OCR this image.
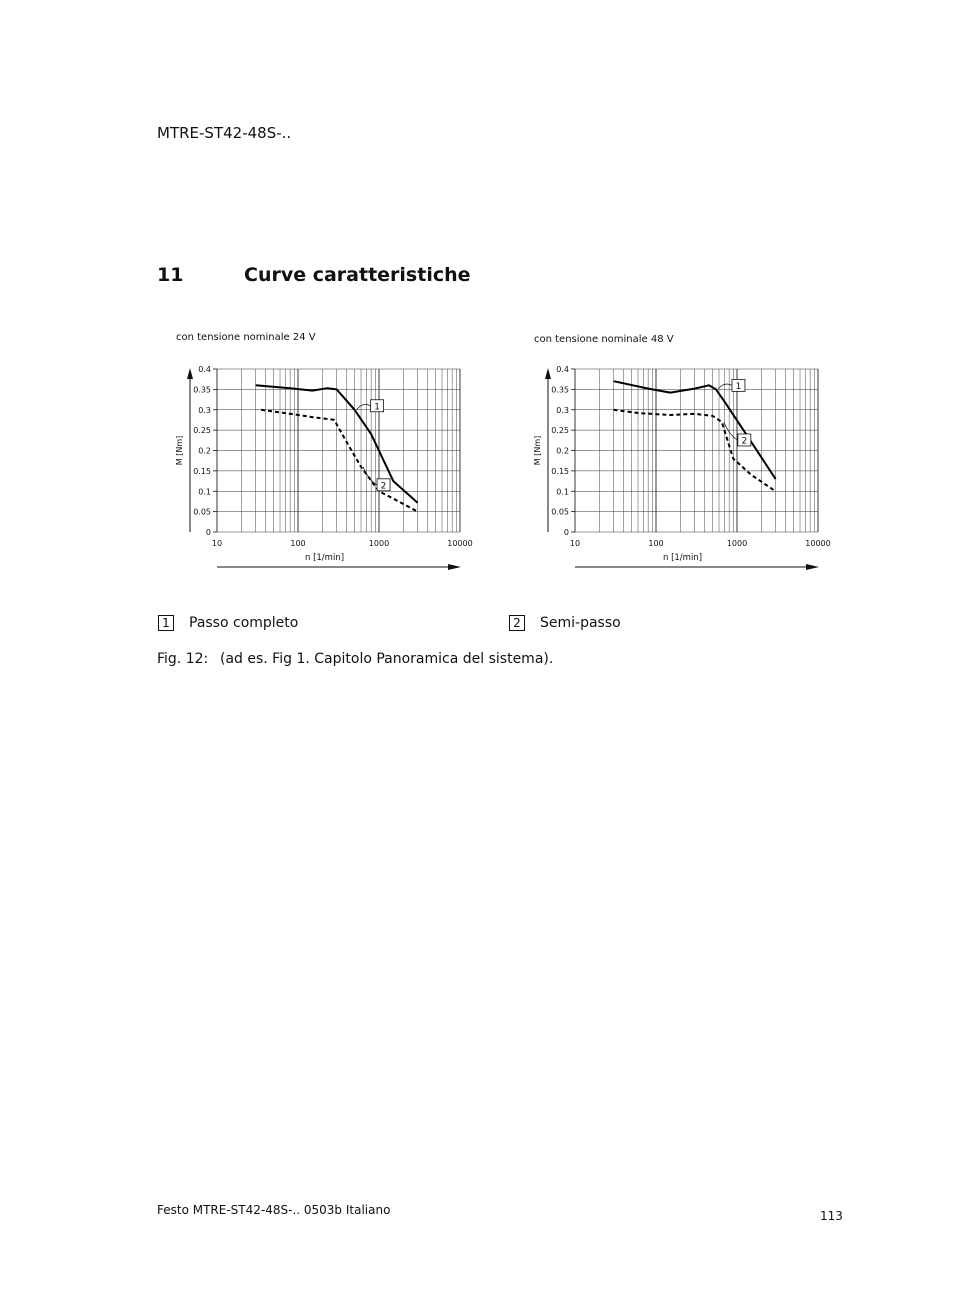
MTRE-ST42-48S-..
11	Curve caratteristiche
con tensione nominale 24 V	con tensione nominale 48 V
0
0.05
0.1
0.15
0.2
0.25
0.3
0.35
0.4
10	100	1000	10000
M [Nm]
n [1/min]
1
2
0
0.05
0.1
0.15
0.2
0.25
0.3
0.35
0.4
10	100	1000	10000
M [Nm]
n [1/min]
1
2
1 Passo completo	2 Semi-passo
Fig. 12: (ad es. Fig 1. Capitolo Panoramica del sistema).
Festo MTRE-ST42-48S-.. 0503b Italiano	113
